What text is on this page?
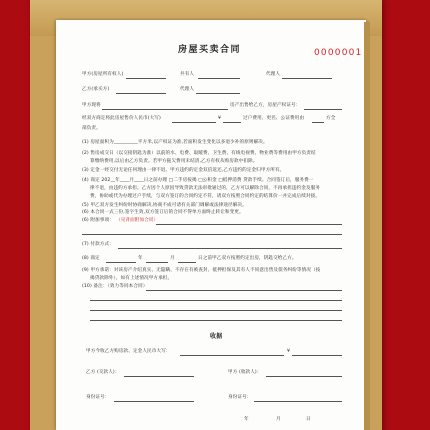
房屋买卖合同	0000001
甲方(房屋所有权人)	共有人	代理人
乙方(承买方)	代理人
甲方现将	房产出售给乙方，房屋产权证号：
经双方商定将此房屋售价人民币(大写)	¥	过户费用、更名、公证费用由	方全
部负责。
(1) 房屋面积为__________平方米,以产权证为准,若面积发生变化以多退少补的原则解决。
(2) 售房成交日（以交接钥匙为准）以前的水、电费、取暖费、卫生费、有线电视费、物业费等费用由甲方负责结
算缴纳费用,以后由乙方负责。若甲方拖欠费用未结清,乙方有权从购房款中扣除。
(3) 定金一经交付无论任何理由一律不退。甲方违约的定金双倍返还,乙方违约的定金归甲方所有。
(4) 商定 202__年____月____日之前办理 □二手房按揭 □公积金 □抵押消费 贷款手续。合同签订后，服务费一
律不退，由违约方承担。乙方因个人原因导致贷款无法审批通过的，乙方可以解除合同，不再承担违约金及服务
费，协助或代为办理过户手续，与双方签订的合同约定不符，请双方按照合同约定的结算价一并完成后续对接。
(5) 甲乙双方发生纠纷时协商解决,协商不成可请有关部门调解或法律途径解决。
(6) 本合同一式三份,签字生效,双方签订后的合同不得单方面终止转让和变更。
(6) 附加事项： （见背面附加合同）
(7) 付款方式：
(8) 商定	年	月	日之前甲乙双方按照约定出房，钥匙交给乙方。
(9) 甲方承诺：对该房产介绍真实、无隐瞒、不存在有被查封、抵押担保及其有人不同意出售及债务纠纷等情况（按
揭贷款除外），如有上述情况甲方承担。
(10) 备注：（效力等同本合同）
收据
甲方今收乙方购房款、定金人民币大写：	¥
乙方 (交款人)：	甲方 (收款人)：
身份证号：	身份证号：
年	月	日
